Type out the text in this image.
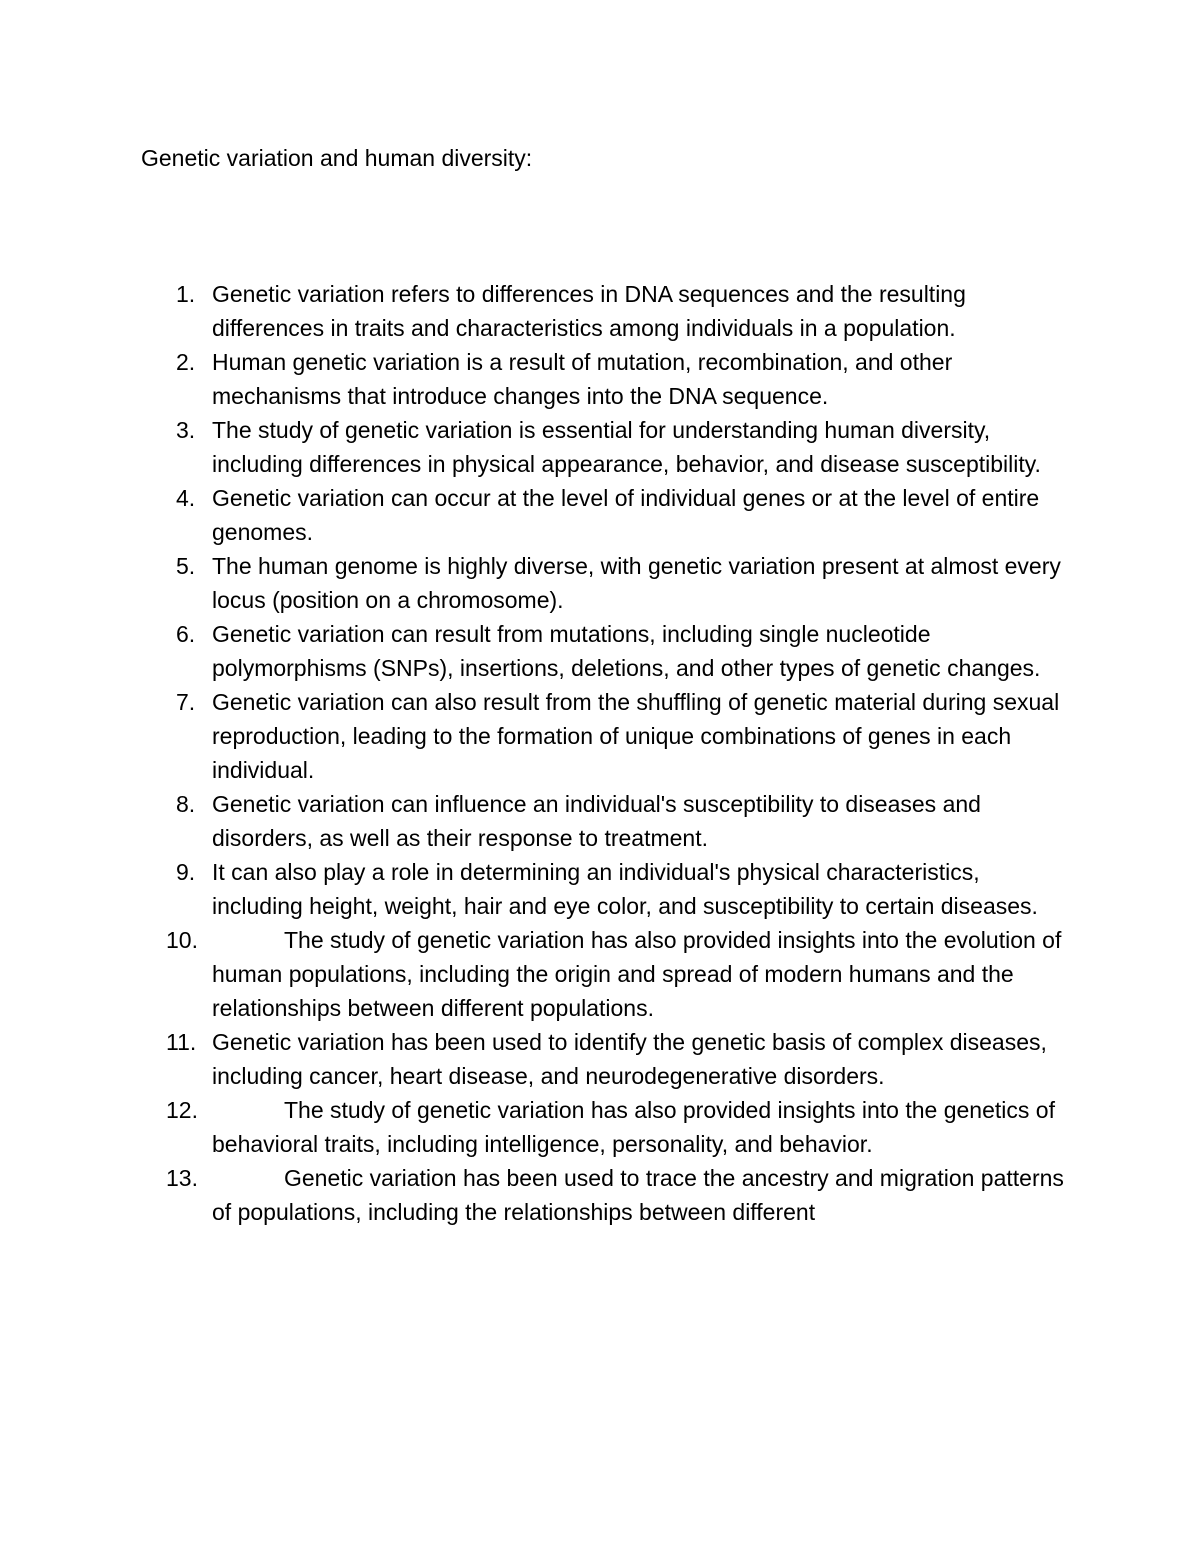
Genetic variation and human diversity:
1. Genetic variation refers to differences in DNA sequences and the resulting differences in traits and characteristics among individuals in a population.
2. Human genetic variation is a result of mutation, recombination, and other mechanisms that introduce changes into the DNA sequence.
3. The study of genetic variation is essential for understanding human diversity, including differences in physical appearance, behavior, and disease susceptibility.
4. Genetic variation can occur at the level of individual genes or at the level of entire genomes.
5. The human genome is highly diverse, with genetic variation present at almost every locus (position on a chromosome).
6. Genetic variation can result from mutations, including single nucleotide polymorphisms (SNPs), insertions, deletions, and other types of genetic changes.
7. Genetic variation can also result from the shuffling of genetic material during sexual reproduction, leading to the formation of unique combinations of genes in each individual.
8. Genetic variation can influence an individual's susceptibility to diseases and disorders, as well as their response to treatment.
9. It can also play a role in determining an individual's physical characteristics, including height, weight, hair and eye color, and susceptibility to certain diseases.
10.	The study of genetic variation has also provided insights into the evolution of human populations, including the origin and spread of modern humans and the relationships between different populations.
11. Genetic variation has been used to identify the genetic basis of complex diseases, including cancer, heart disease, and neurodegenerative disorders.
12.	The study of genetic variation has also provided insights into the genetics of behavioral traits, including intelligence, personality, and behavior.
13.	Genetic variation has been used to trace the ancestry and migration patterns of populations, including the relationships between different
